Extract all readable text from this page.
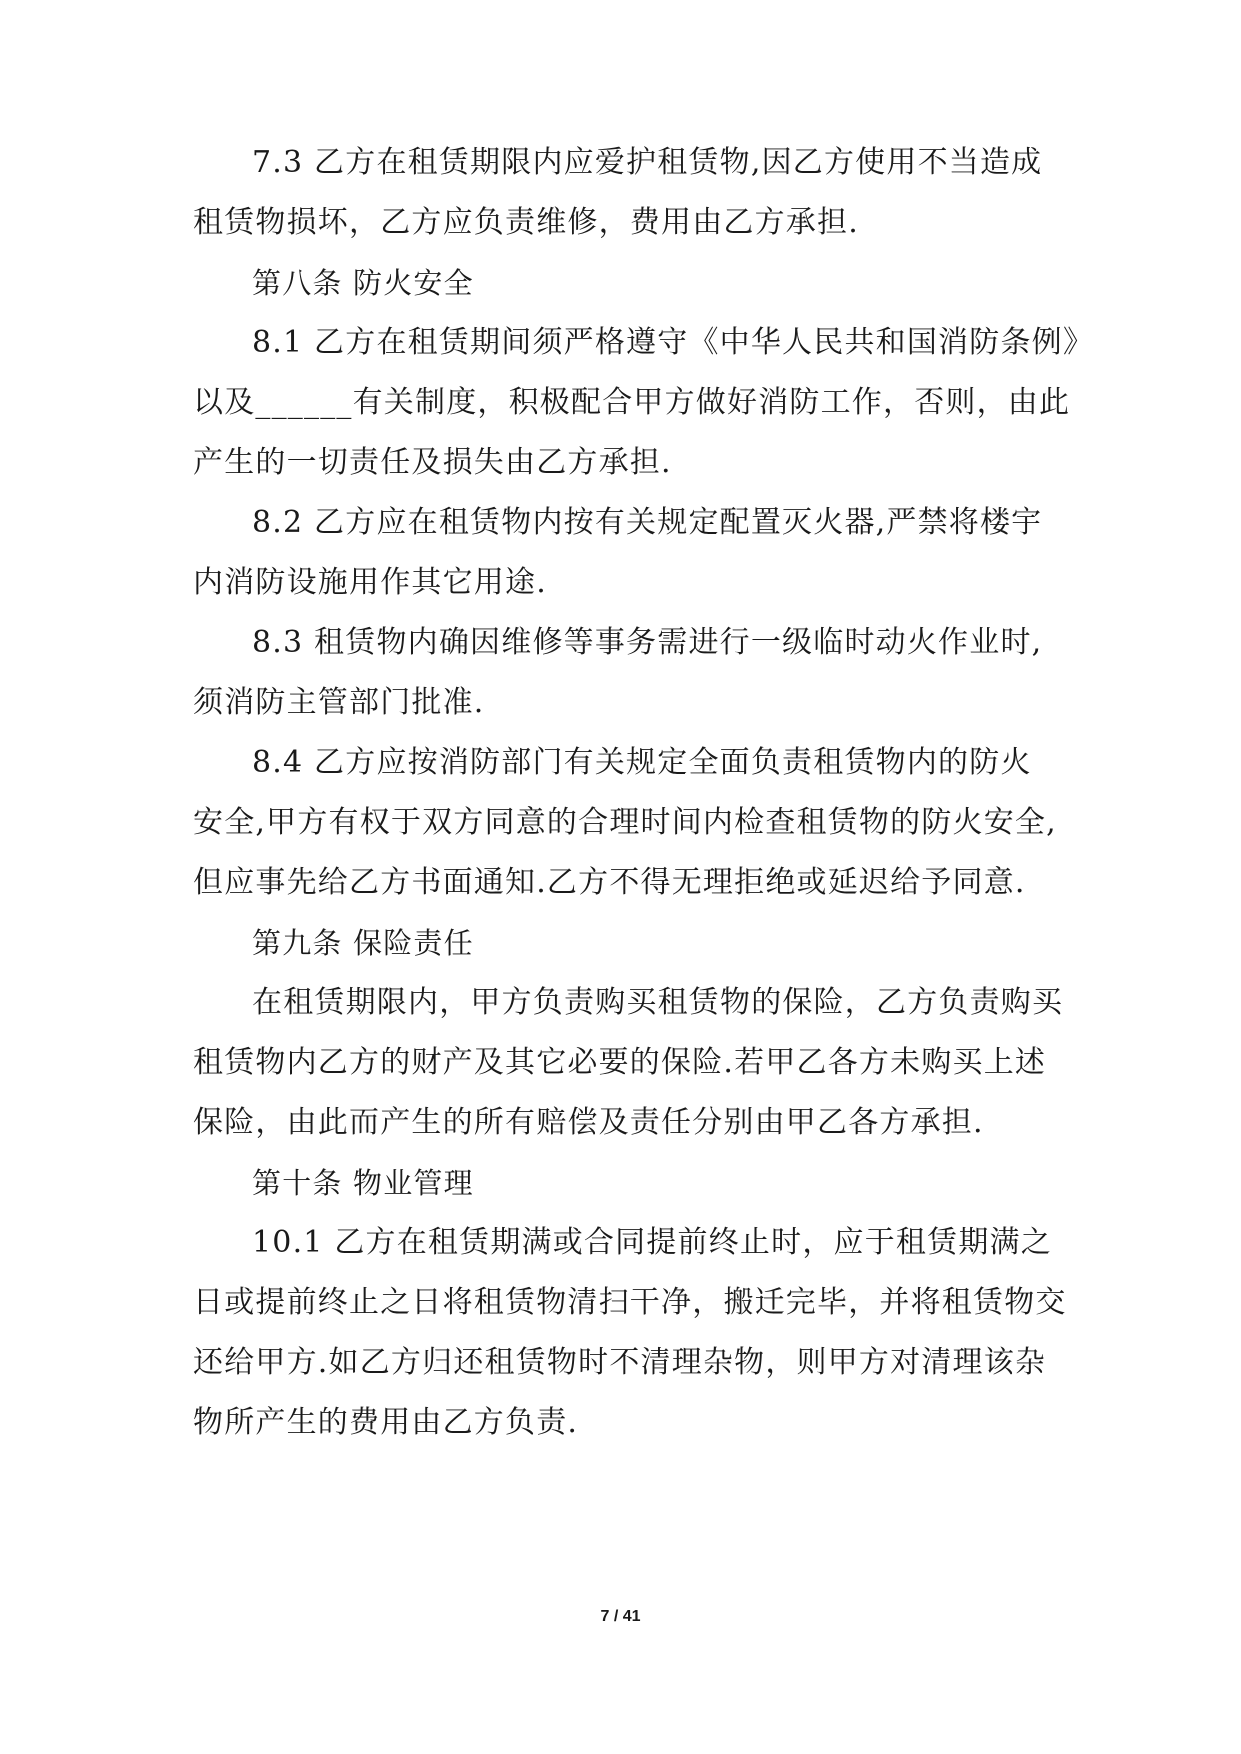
7.3 乙方在租赁期限内应爱护租赁物,因乙方使用不当造成
租赁物损坏，乙方应负责维修，费用由乙方承担.
第八条 防火安全
8.1 乙方在租赁期间须严格遵守《中华人民共和国消防条例》
以及______有关制度，积极配合甲方做好消防工作，否则，由此
产生的一切责任及损失由乙方承担.
8.2 乙方应在租赁物内按有关规定配置灭火器,严禁将楼宇
内消防设施用作其它用途.
8.3 租赁物内确因维修等事务需进行一级临时动火作业时,
须消防主管部门批准.
8.4 乙方应按消防部门有关规定全面负责租赁物内的防火
安全,甲方有权于双方同意的合理时间内检查租赁物的防火安全,
但应事先给乙方书面通知.乙方不得无理拒绝或延迟给予同意.
第九条 保险责任
在租赁期限内，甲方负责购买租赁物的保险，乙方负责购买
租赁物内乙方的财产及其它必要的保险.若甲乙各方未购买上述
保险，由此而产生的所有赔偿及责任分别由甲乙各方承担.
第十条 物业管理
10.1 乙方在租赁期满或合同提前终止时，应于租赁期满之
日或提前终止之日将租赁物清扫干净，搬迁完毕，并将租赁物交
还给甲方.如乙方归还租赁物时不清理杂物，则甲方对清理该杂
物所产生的费用由乙方负责.
7 / 41
